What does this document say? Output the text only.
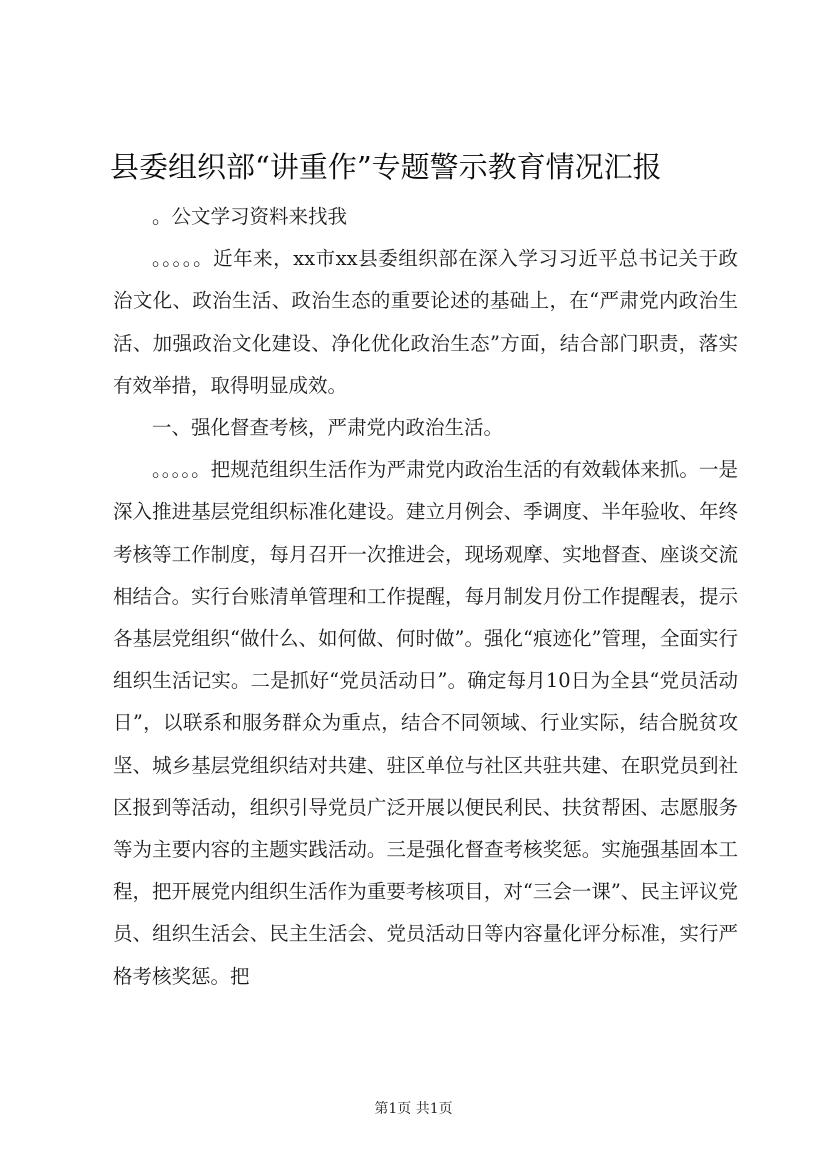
县委组织部“讲重作”专题警示教育情况汇报

。公文学习资料来找我

。。。。。近年来，xx市xx县委组织部在深入学习习近平总书记关于政治文化、政治生活、政治生态的重要论述的基础上，在“严肃党内政治生活、加强政治文化建设、净化优化政治生态”方面，结合部门职责，落实有效举措，取得明显成效。

一、强化督查考核，严肃党内政治生活。

。。。。。把规范组织生活作为严肃党内政治生活的有效载体来抓。一是深入推进基层党组织标准化建设。建立月例会、季调度、半年验收、年终考核等工作制度，每月召开一次推进会，现场观摩、实地督查、座谈交流相结合。实行台账清单管理和工作提醒，每月制发月份工作提醒表，提示各基层党组织“做什么、如何做、何时做”。强化“痕迹化”管理，全面实行组织生活记实。二是抓好“党员活动日”。确定每月10日为全县“党员活动日”，以联系和服务群众为重点，结合不同领域、行业实际，结合脱贫攻坚、城乡基层党组织结对共建、驻区单位与社区共驻共建、在职党员到社区报到等活动，组织引导党员广泛开展以便民利民、扶贫帮困、志愿服务等为主要内容的主题实践活动。三是强化督查考核奖惩。实施强基固本工程，把开展党内组织生活作为重要考核项目，对“三会一课”、民主评议党员、组织生活会、民主生活会、党员活动日等内容量化评分标准，实行严格考核奖惩。把

第1页 共1页
